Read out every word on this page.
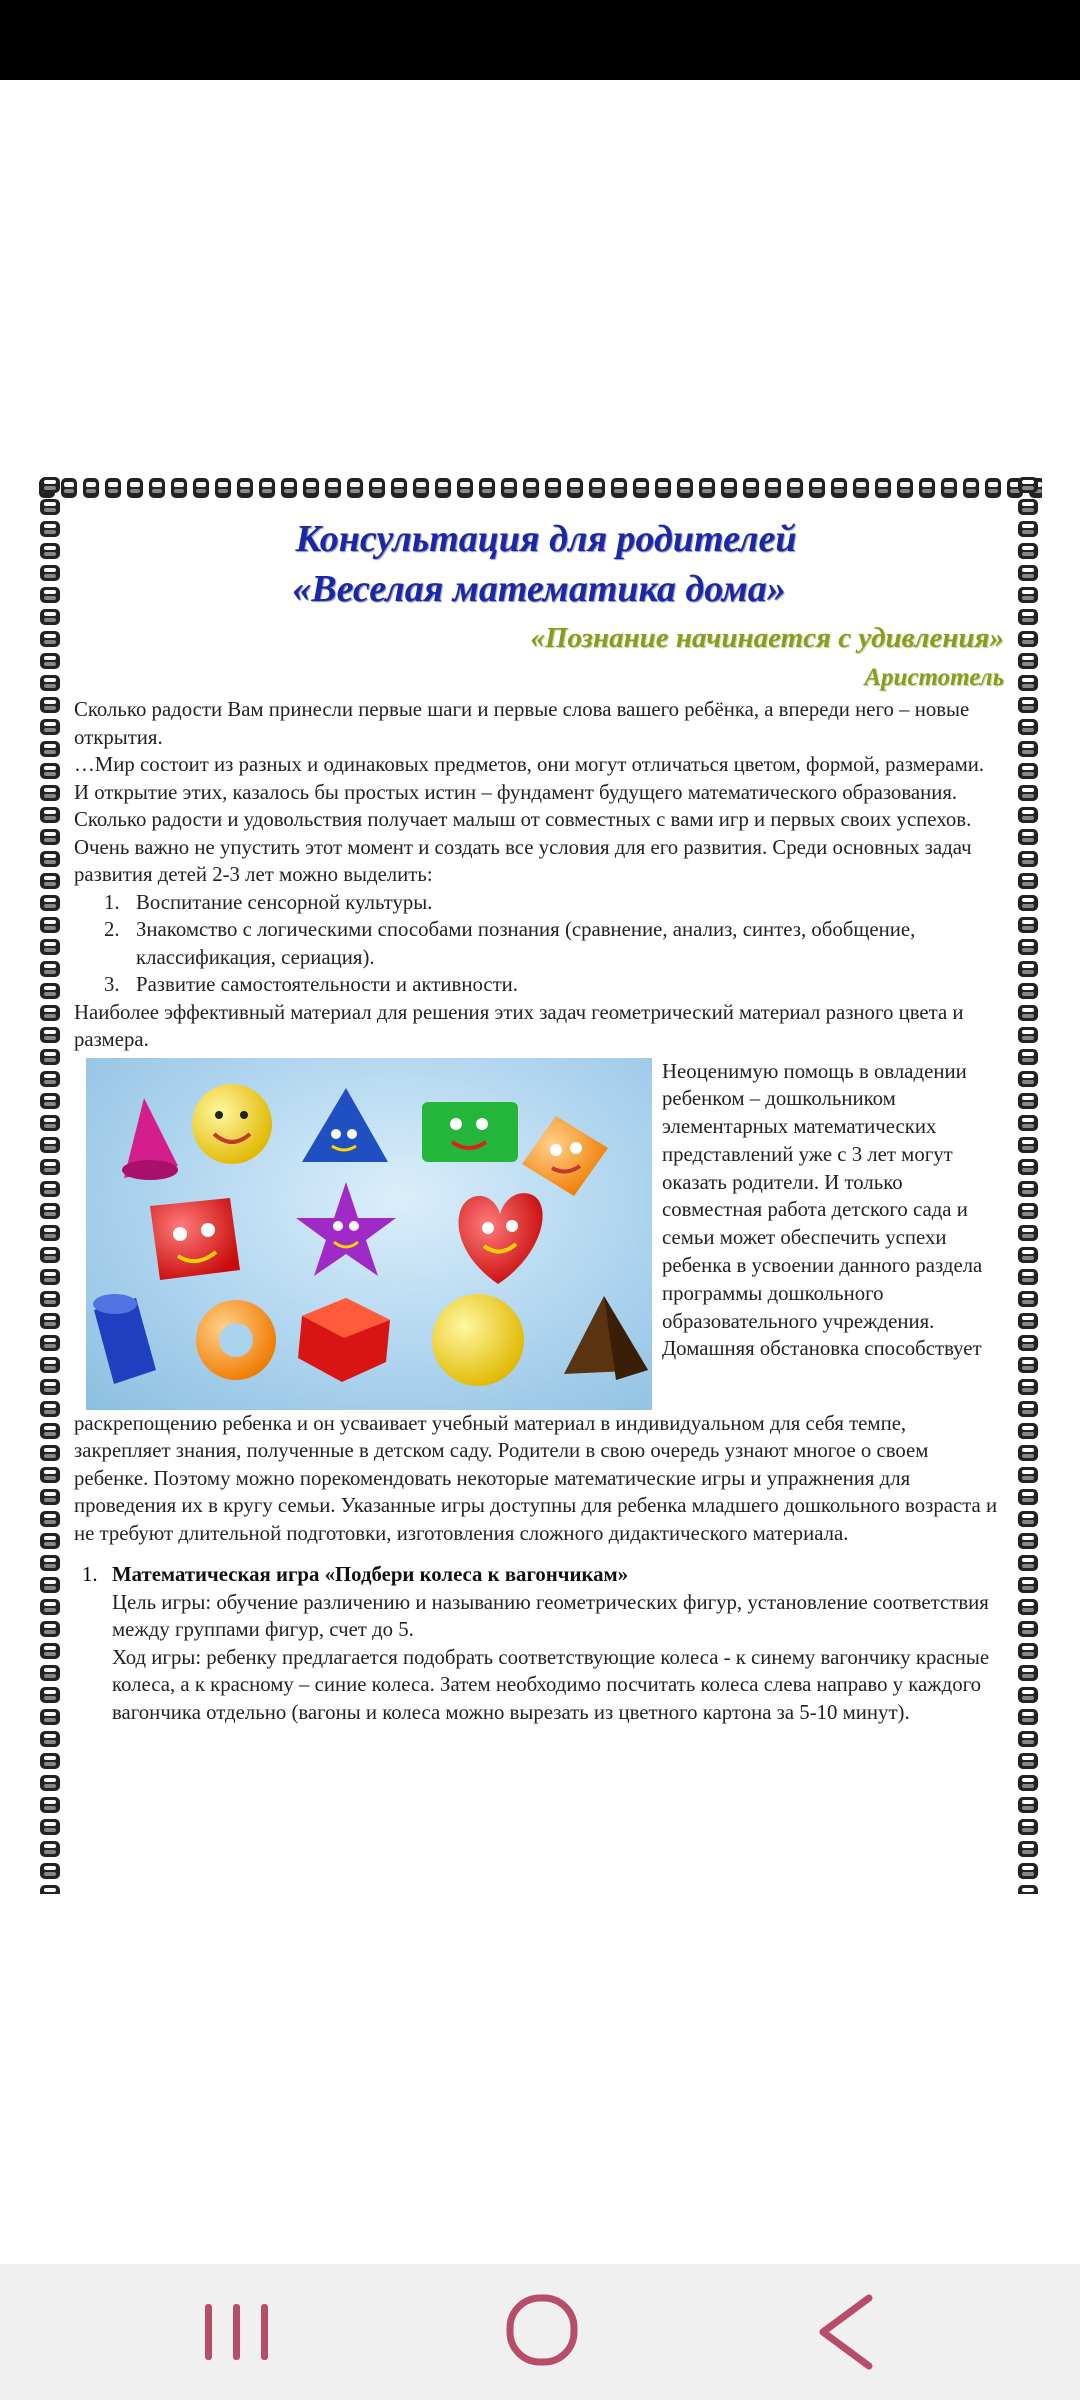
Консультация для родителей
«Веселая математика дома»
«Познание начинается с удивления»
Аристотель

Сколько радости Вам принесли первые шаги и первые слова вашего ребёнка, а впереди него – новые открытия.

…Мир состоит из разных и одинаковых предметов, они могут отличаться цветом, формой, размерами. И открытие этих, казалось бы простых истин – фундамент будущего математического образования. Сколько радости и удовольствия получает малыш от совместных с вами игр и первых своих успехов. Очень важно не упустить этот момент и создать все условия для его развития. Среди основных задач развития детей 2-3 лет можно выделить:

1. Воспитание сенсорной культуры.
2. Знакомство с логическими способами познания (сравнение, анализ, синтез, обобщение, классификация, сериация).
3. Развитие самостоятельности и активности.

Наиболее эффективный материал для решения этих задач геометрический материал разного цвета и размера.

Неоценимую помощь в овладении ребенком – дошкольником элементарных математических представлений уже с 3 лет могут оказать родители. И только совместная работа детского сада и семьи может обеспечить успехи ребенка в усвоении данного раздела программы дошкольного образовательного учреждения. Домашняя обстановка способствует

раскрепощению ребенка и он усваивает учебный материал в индивидуальном для себя темпе, закрепляет знания, полученные в детском саду. Родители в свою очередь узнают многое о своем ребенке. Поэтому можно порекомендовать некоторые математические игры и упражнения для проведения их в кругу семьи. Указанные игры доступны для ребенка младшего дошкольного возраста и не требуют длительной подготовки, изготовления сложного дидактического материала.

1. Математическая игра «Подбери колеса к вагончикам»

Цель игры: обучение различению и называнию геометрических фигур, установление соответствия между группами фигур, счет до 5.

Ход игры: ребенку предлагается подобрать соответствующие колеса - к синему вагончику красные колеса, а к красному – синие колеса. Затем необходимо посчитать колеса слева направо у каждого вагончика отдельно (вагоны и колеса можно вырезать из цветного картона за 5-10 минут).
